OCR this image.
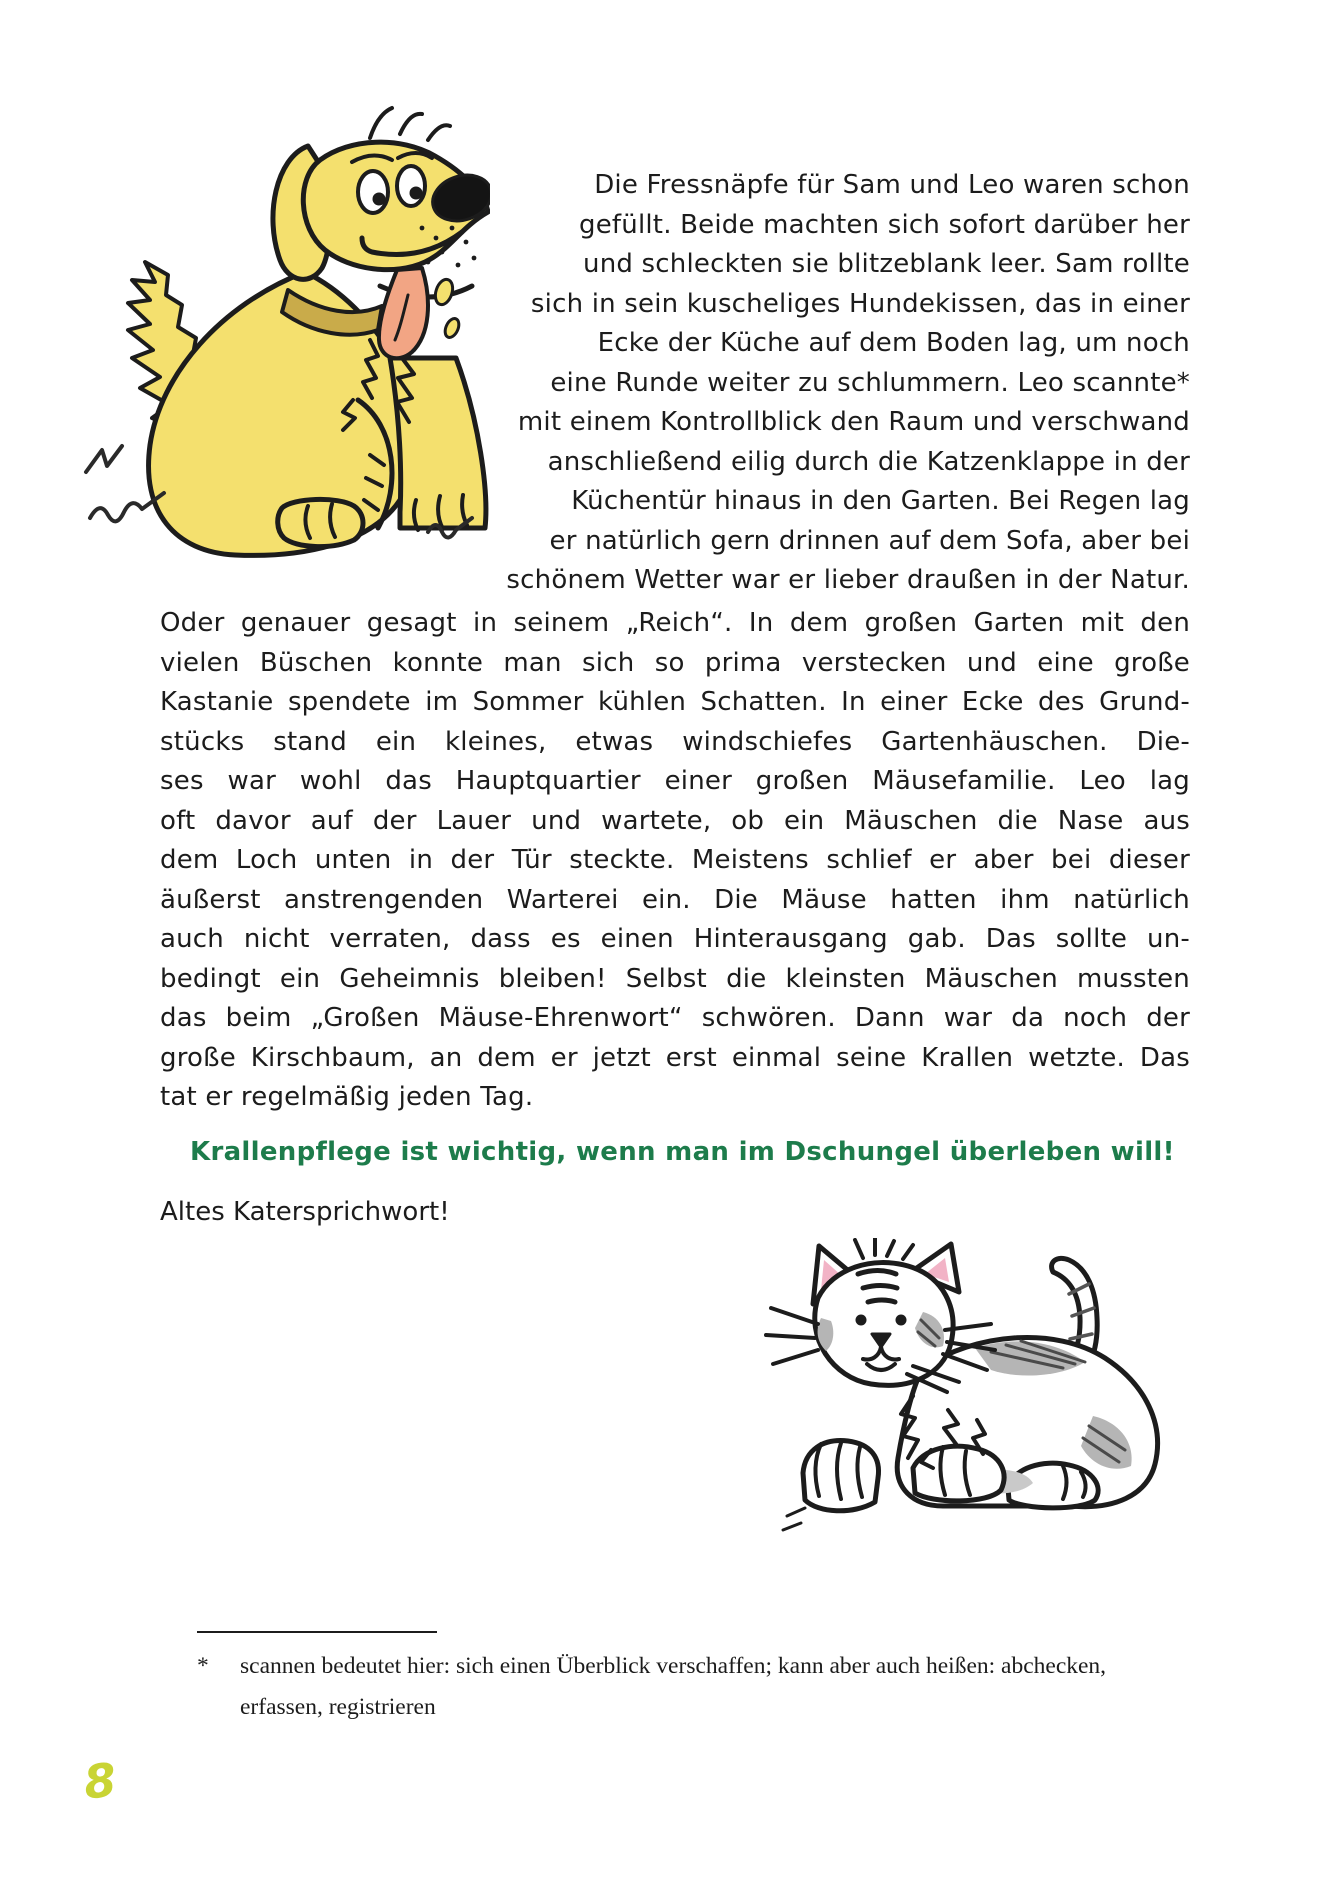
Die Fressnäpfe für Sam und Leo waren schon
gefüllt. Beide machten sich sofort darüber her
und schleckten sie blitzeblank leer. Sam rollte
sich in sein kuscheliges Hundekissen, das in einer
Ecke der Küche auf dem Boden lag, um noch
eine Runde weiter zu schlummern. Leo scannte*
mit einem Kontrollblick den Raum und verschwand
anschließend eilig durch die Katzenklappe in der
Küchentür hinaus in den Garten. Bei Regen lag
er natürlich gern drinnen auf dem Sofa, aber bei
schönem Wetter war er lieber draußen in der Natur.
Oder genauer gesagt in seinem „Reich“. In dem großen Garten mit den
vielen Büschen konnte man sich so prima verstecken und eine große
Kastanie spendete im Sommer kühlen Schatten. In einer Ecke des Grund-
stücks stand ein kleines, etwas windschiefes Gartenhäuschen. Die-
ses war wohl das Hauptquartier einer großen Mäusefamilie. Leo lag
oft davor auf der Lauer und wartete, ob ein Mäuschen die Nase aus
dem Loch unten in der Tür steckte. Meistens schlief er aber bei dieser
äußerst anstrengenden Warterei ein. Die Mäuse hatten ihm natürlich
auch nicht verraten, dass es einen Hinterausgang gab. Das sollte un-
bedingt ein Geheimnis bleiben! Selbst die kleinsten Mäuschen mussten
das beim „Großen Mäuse-Ehrenwort“ schwören. Dann war da noch der
große Kirschbaum, an dem er jetzt erst einmal seine Krallen wetzte. Das
tat er regelmäßig jeden Tag.
Krallenpflege ist wichtig, wenn man im Dschungel überleben will!
Altes Katersprichwort!
*	scannen bedeutet hier: sich einen Überblick verschaffen; kann aber auch heißen: abchecken,
erfassen, registrieren
8
